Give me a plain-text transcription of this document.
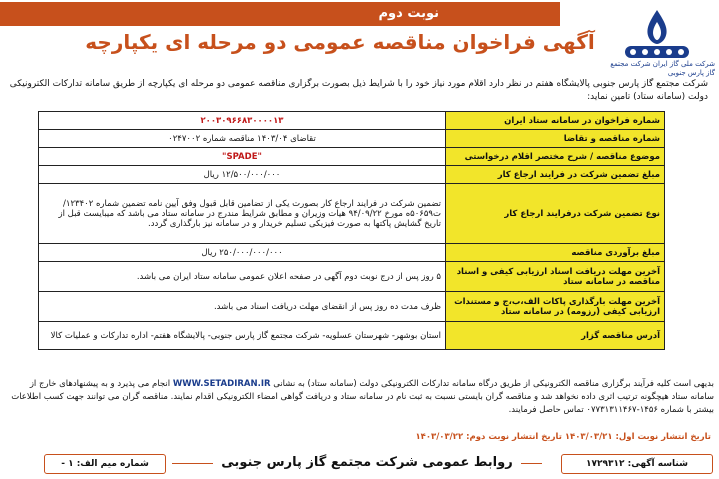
نوبت دوم
شرکت ملی گاز ایران شرکت مجتمع گاز پارس جنوبی
آگهی فراخوان مناقصه عمومی دو مرحله ای یکپارچه
شرکت مجتمع گاز پارس جنوبی پالایشگاه هفتم در نظر دارد اقلام مورد نیاز خود را با شرایط ذیل بصورت برگزاری مناقصه عمومی دو مرحله ای یکپارچه از طریق سامانه تدارکات الکترونیکی دولت (سامانه ستاد) تامین نماید:
شماره فراخوان در سامانه ستاد ایران	۲۰۰۳۰۹۶۶۸۳۰۰۰۰۱۳
شماره مناقصه و تقاضا	تقاضای ۱۴۰۳/۰۴ مناقصه شماره ۰۲۴۷۰۰۲
موضوع مناقصه / شرح مختصر اقلام درخواستی	"SPADE"
مبلغ تضمین شرکت در فرایند ارجاع کار	۱۲/۵۰۰/۰۰۰/۰۰۰ ریال
نوع تضمین شرکت درفرایند ارجاع کار	تضمین شرکت در فرایند ارجاع کار بصورت یکی از تضامین قابل قبول وفق آیین نامه تضمین شماره ۱۲۳۴۰۲/ت۵۰۶۵۹ه مورخ ۹۴/۰۹/۲۲ هیات وزیران و مطابق شرایط مندرج در سامانه ستاد می باشد که میبایست قبل از تاریخ گشایش پاکتها به صورت فیزیکی تسلیم خریدار و در سامانه نیز بارگذاری گردد.
مبلغ برآوردی مناقصه	۲۵۰/۰۰۰/۰۰۰/۰۰۰ ریال
آخرین مهلت دریافت اسناد ارزیابی کیفی و اسناد مناقصه در سامانه ستاد	۵ روز پس از درج نوبت دوم آگهی در صفحه اعلان عمومی سامانه ستاد ایران می باشد.
آخرین مهلت بارگذاری پاکات الف،ب،ج و مستندات ارزیابی کیفی (رزومه) در سامانه ستاد	ظرف مدت ده روز پس از انقضای مهلت دریافت اسناد می باشد.
آدرس مناقصه گزار	استان بوشهر- شهرستان عسلویه- شرکت مجتمع گاز پارس جنوبی- پالایشگاه هفتم- اداره تدارکات و عملیات کالا
بدیهی است کلیه فرآیند برگزاری مناقصه الکترونیکی از طریق درگاه سامانه تدارکات الکترونیکی دولت (سامانه ستاد) به نشانی WWW.SETADIRAN.IR انجام می پذیرد و به پیشنهادهای خارج از سامانه ستاد هیچگونه ترتیب اثری داده نخواهد شد و مناقصه گران بایستی نسبت به ثبت نام در سامانه ستاد و دریافت گواهی امضاء الکترونیکی اقدام نمایند. مناقصه گران می توانند جهت کسب اطلاعات بیشتر با شماره ۱۴۵۶-۰۷۷۳۱۳۱۱۴۶۷ تماس حاصل فرمایند.
تاریخ انتشار نوبت اول: ۱۴۰۳/۰۳/۲۱ تاریخ انتشار نوبت دوم: ۱۴۰۳/۰۳/۲۲
شناسه آگهی: ۱۷۲۹۳۱۲
روابط عمومی شرکت مجتمع گاز پارس جنوبی
شماره میم الف: ۱ -
